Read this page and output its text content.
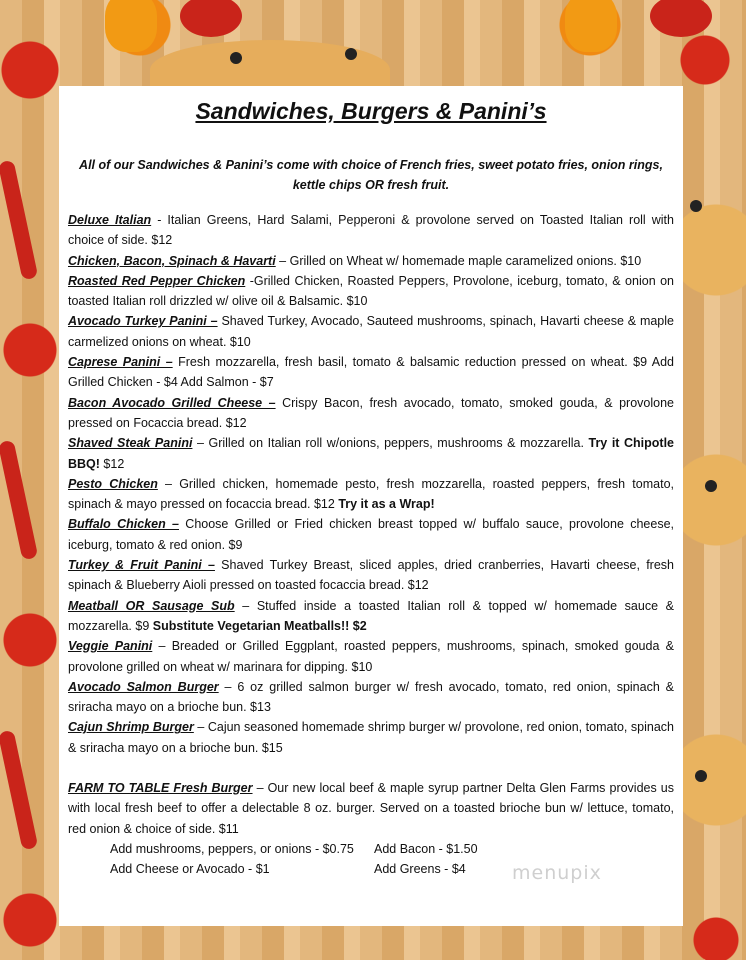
Sandwiches, Burgers & Panini’s

All of our Sandwiches & Panini’s come with choice of French fries, sweet potato fries, onion rings, kettle chips OR fresh fruit.

Deluxe Italian - Italian Greens, Hard Salami, Pepperoni & provolone served on Toasted Italian roll with choice of side. $12

Chicken, Bacon, Spinach & Havarti – Grilled on Wheat w/ homemade maple caramelized onions. $10

Roasted Red Pepper Chicken -Grilled Chicken, Roasted Peppers, Provolone, iceburg, tomato, & onion on toasted Italian roll drizzled w/ olive oil & Balsamic. $10

Avocado Turkey Panini – Shaved Turkey, Avocado, Sauteed mushrooms, spinach, Havarti cheese & maple carmelized onions on wheat. $10

Caprese Panini – Fresh mozzarella, fresh basil, tomato & balsamic reduction pressed on wheat. $9 Add Grilled Chicken - $4 Add Salmon - $7

Bacon Avocado Grilled Cheese – Crispy Bacon, fresh avocado, tomato, smoked gouda, & provolone pressed on Focaccia bread. $12

Shaved Steak Panini – Grilled on Italian roll w/onions, peppers, mushrooms & mozzarella. Try it Chipotle BBQ! $12

Pesto Chicken – Grilled chicken, homemade pesto, fresh mozzarella, roasted peppers, fresh tomato, spinach & mayo pressed on focaccia bread. $12 Try it as a Wrap!

Buffalo Chicken – Choose Grilled or Fried chicken breast topped w/ buffalo sauce, provolone cheese, iceburg, tomato & red onion. $9

Turkey & Fruit Panini – Shaved Turkey Breast, sliced apples, dried cranberries, Havarti cheese, fresh spinach & Blueberry Aioli pressed on toasted focaccia bread. $12

Meatball OR Sausage Sub – Stuffed inside a toasted Italian roll & topped w/ homemade sauce & mozzarella. $9 Substitute Vegetarian Meatballs!! $2

Veggie Panini – Breaded or Grilled Eggplant, roasted peppers, mushrooms, spinach, smoked gouda & provolone grilled on wheat w/ marinara for dipping. $10

Avocado Salmon Burger – 6 oz grilled salmon burger w/ fresh avocado, tomato, red onion, spinach & sriracha mayo on a brioche bun. $13

Cajun Shrimp Burger – Cajun seasoned homemade shrimp burger w/ provolone, red onion, tomato, spinach & sriracha mayo on a brioche bun. $15

FARM TO TABLE Fresh Burger – Our new local beef & maple syrup partner Delta Glen Farms provides us with local fresh beef to offer a delectable 8 oz. burger. Served on a toasted brioche bun w/ lettuce, tomato, red onion & choice of side. $11

Add mushrooms, peppers, or onions - $0.75	Add Bacon - $1.50
Add Cheese or Avocado - $1	Add Greens - $4	menupix
